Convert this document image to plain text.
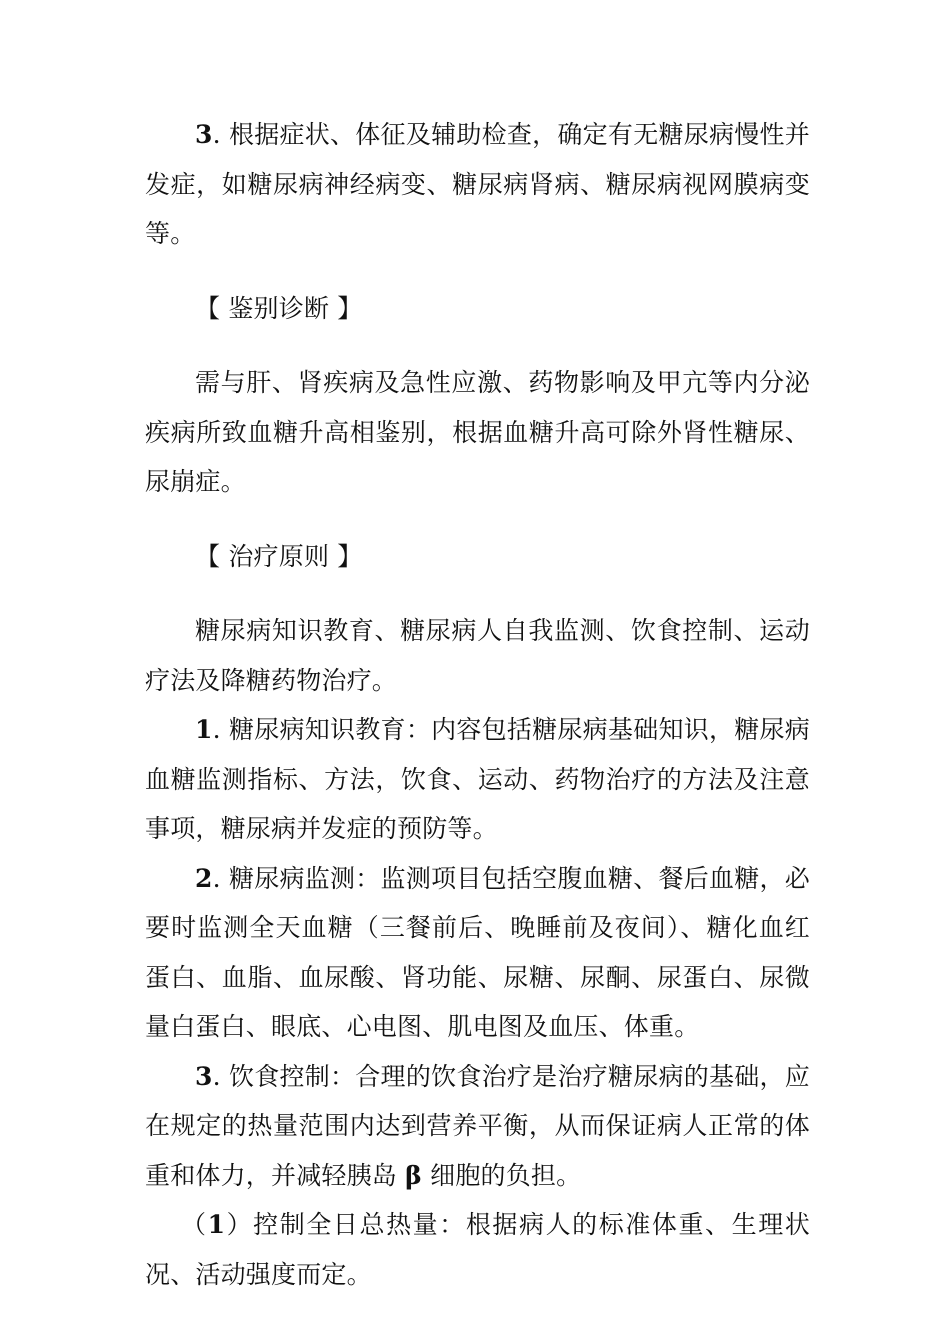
3. 根据症状、体征及辅助检查，确定有无糖尿病慢性并发症，如糖尿病神经病变、糖尿病肾病、糖尿病视网膜病变等。

【 鉴别诊断 】

需与肝、肾疾病及急性应激、药物影响及甲亢等内分泌疾病所致血糖升高相鉴别，根据血糖升高可除外肾性糖尿、尿崩症。

【 治疗原则 】

糖尿病知识教育、糖尿病人自我监测、饮食控制、运动疗法及降糖药物治疗。

1. 糖尿病知识教育：内容包括糖尿病基础知识，糖尿病血糖监测指标、方法，饮食、运动、药物治疗的方法及注意事项，糖尿病并发症的预防等。

2. 糖尿病监测：监测项目包括空腹血糖、餐后血糖，必要时监测全天血糖（三餐前后、晚睡前及夜间）、糖化血红蛋白、血脂、血尿酸、肾功能、尿糖、尿酮、尿蛋白、尿微量白蛋白、眼底、心电图、肌电图及血压、体重。

3. 饮食控制：合理的饮食治疗是治疗糖尿病的基础，应在规定的热量范围内达到营养平衡，从而保证病人正常的体重和体力，并减轻胰岛 β 细胞的负担。

（1）控制全日总热量：根据病人的标准体重、生理状况、活动强度而定。
